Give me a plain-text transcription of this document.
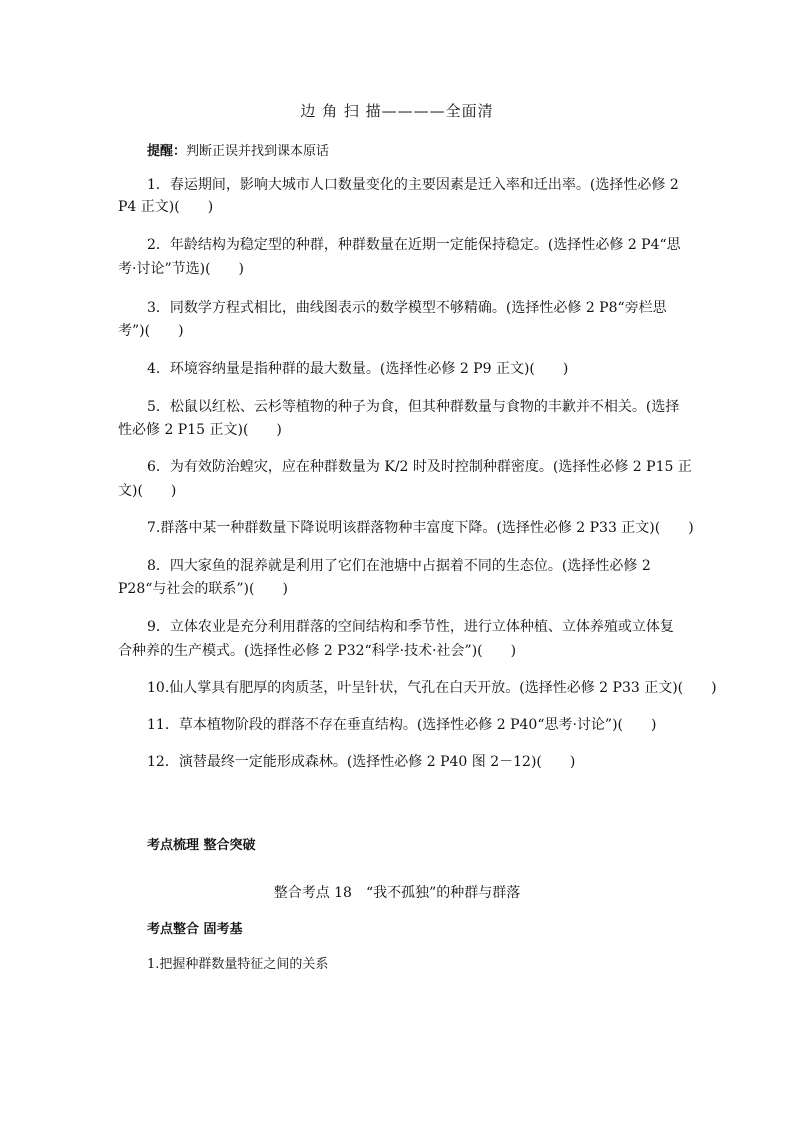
边 角 扫 描————全面清
提醒：判断正误并找到课本原话
1．春运期间，影响大城市人口数量变化的主要因素是迁入率和迁出率。(选择性必修 2
P4 正文)(　　)
2．年龄结构为稳定型的种群，种群数量在近期一定能保持稳定。(选择性必修 2 P4“思
考·讨论”节选)(　　)
3．同数学方程式相比，曲线图表示的数学模型不够精确。(选择性必修 2 P8“旁栏思
考”)(　　)
4．环境容纳量是指种群的最大数量。(选择性必修 2 P9 正文)(　　)
5．松鼠以红松、云杉等植物的种子为食，但其种群数量与食物的丰歉并不相关。(选择
性必修 2 P15 正文)(　　)
6．为有效防治蝗灾，应在种群数量为 K/2 时及时控制种群密度。(选择性必修 2 P15 正
文)(　　)
7.群落中某一种群数量下降说明该群落物种丰富度下降。(选择性必修 2 P33 正文)(　　)
8．四大家鱼的混养就是利用了它们在池塘中占据着不同的生态位。(选择性必修 2
P28“与社会的联系”)(　　)
9．立体农业是充分利用群落的空间结构和季节性，进行立体种植、立体养殖或立体复
合种养的生产模式。(选择性必修 2 P32“科学·技术·社会”)(　　)
10.仙人掌具有肥厚的肉质茎，叶呈针状，气孔在白天开放。(选择性必修 2 P33 正文)(　　)
11．草本植物阶段的群落不存在垂直结构。(选择性必修 2 P40“思考·讨论”)(　　)
12．演替最终一定能形成森林。(选择性必修 2 P40 图 2－12)(　　)
考点梳理 整合突破
整合考点 18　“我不孤独”的种群与群落
考点整合 固考基
1.把握种群数量特征之间的关系
